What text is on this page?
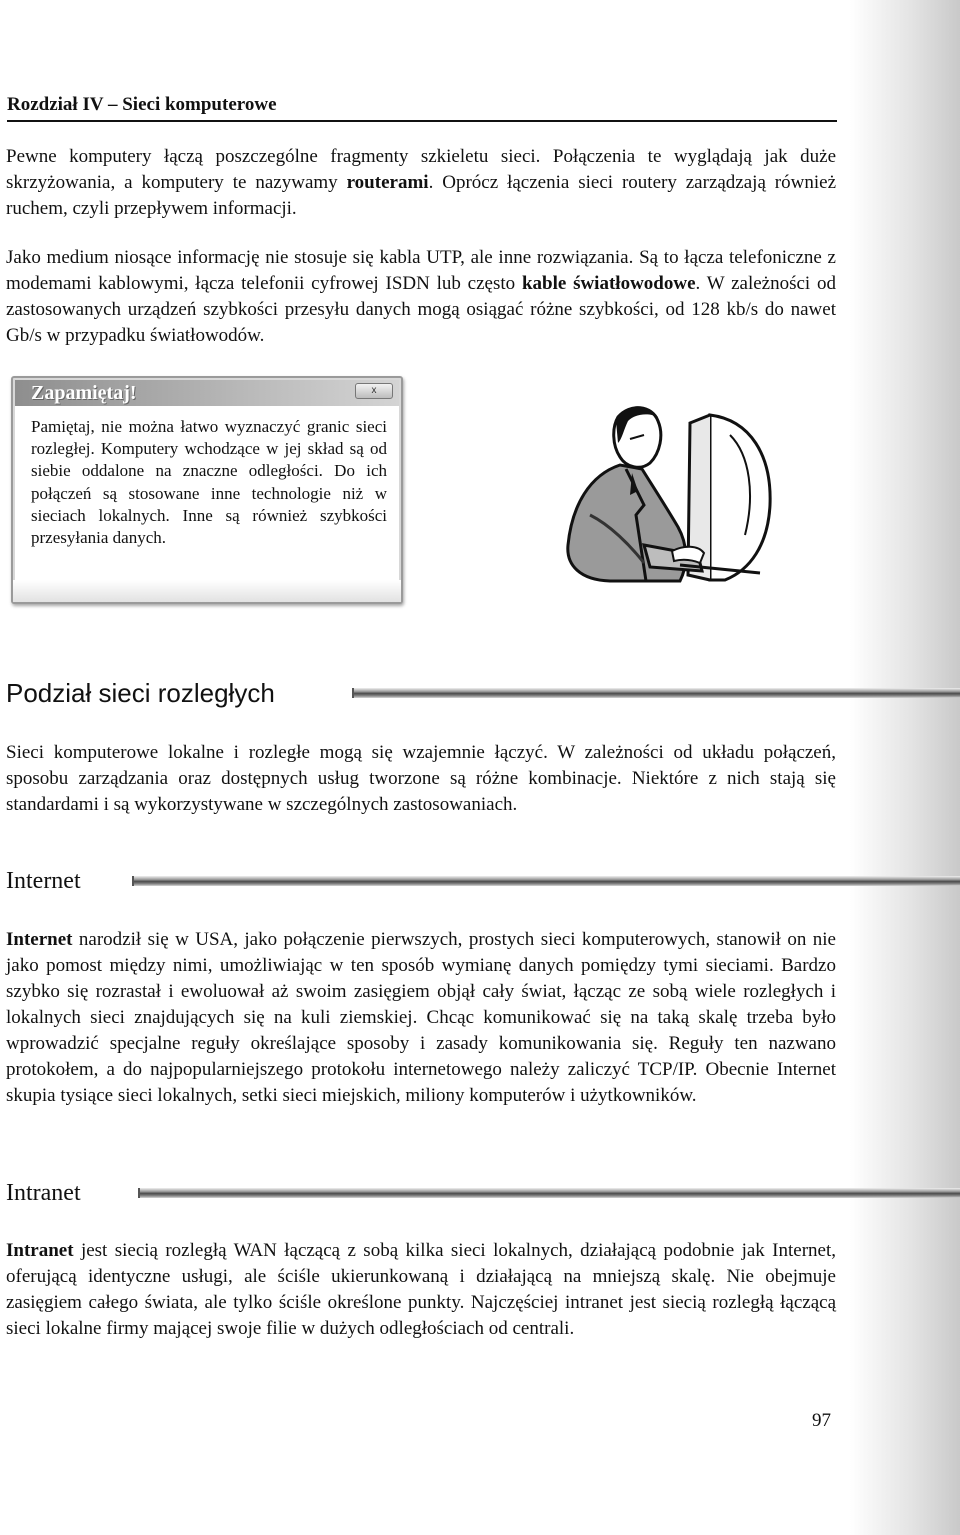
Rozdział IV – Sieci komputerowe

Pewne komputery łączą poszczególne fragmenty szkieletu sieci. Połączenia te wyglądają jak duże skrzyżowania, a komputery te nazywamy routerami. Oprócz łączenia sieci routery zarządzają również ruchem, czyli przepływem informacji.

Jako medium niosące informację nie stosuje się kabla UTP, ale inne rozwiązania. Są to łącza telefoniczne z modemami kablowymi, łącza telefonii cyfrowej ISDN lub często kable światłowodowe. W zależności od zastosowanych urządzeń szybkości przesyłu danych mogą osiągać różne szybkości, od 128 kb/s do nawet Gb/s w przypadku światłowodów.

Zapamiętaj!	x

Pamiętaj, nie można łatwo wyznaczyć granic sieci rozległej. Komputery wchodzące w jej skład są od siebie oddalone na znaczne odległości. Do ich połączeń są stosowane inne technologie niż w sieciach lokalnych. Inne są również szybkości przesyłania danych.

Podział sieci rozległych

Sieci komputerowe lokalne i rozległe mogą się wzajemnie łączyć. W zależności od układu połączeń, sposobu zarządzania oraz dostępnych usług tworzone są różne kombinacje. Niektóre z nich stają się standardami i są wykorzystywane w szczególnych zastosowaniach.

Internet

Internet narodził się w USA, jako połączenie pierwszych, prostych sieci komputerowych, stanowił on nie jako pomost między nimi, umożliwiając w ten sposób wymianę danych pomiędzy tymi sieciami. Bardzo szybko się rozrastał i ewoluował aż swoim zasięgiem objął cały świat, łącząc ze sobą wiele rozległych i lokalnych sieci znajdujących się na kuli ziemskiej. Chcąc komunikować się na taką skalę trzeba było wprowadzić specjalne reguły określające sposoby i zasady komunikowania się. Reguły ten nazwano protokołem, a do najpopularniejszego protokołu internetowego należy zaliczyć TCP/IP. Obecnie Internet skupia tysiące sieci lokalnych, setki sieci miejskich, miliony komputerów i użytkowników.

Intranet

Intranet jest siecią rozległą WAN łączącą z sobą kilka sieci lokalnych, działającą podobnie jak Internet, oferującą identyczne usługi, ale ściśle ukierunkowaną i działającą na mniejszą skalę. Nie obejmuje zasięgiem całego świata, ale tylko ściśle określone punkty. Najczęściej intranet jest siecią rozległą łączącą sieci lokalne firmy mającej swoje filie w dużych odległościach od centrali.

97
